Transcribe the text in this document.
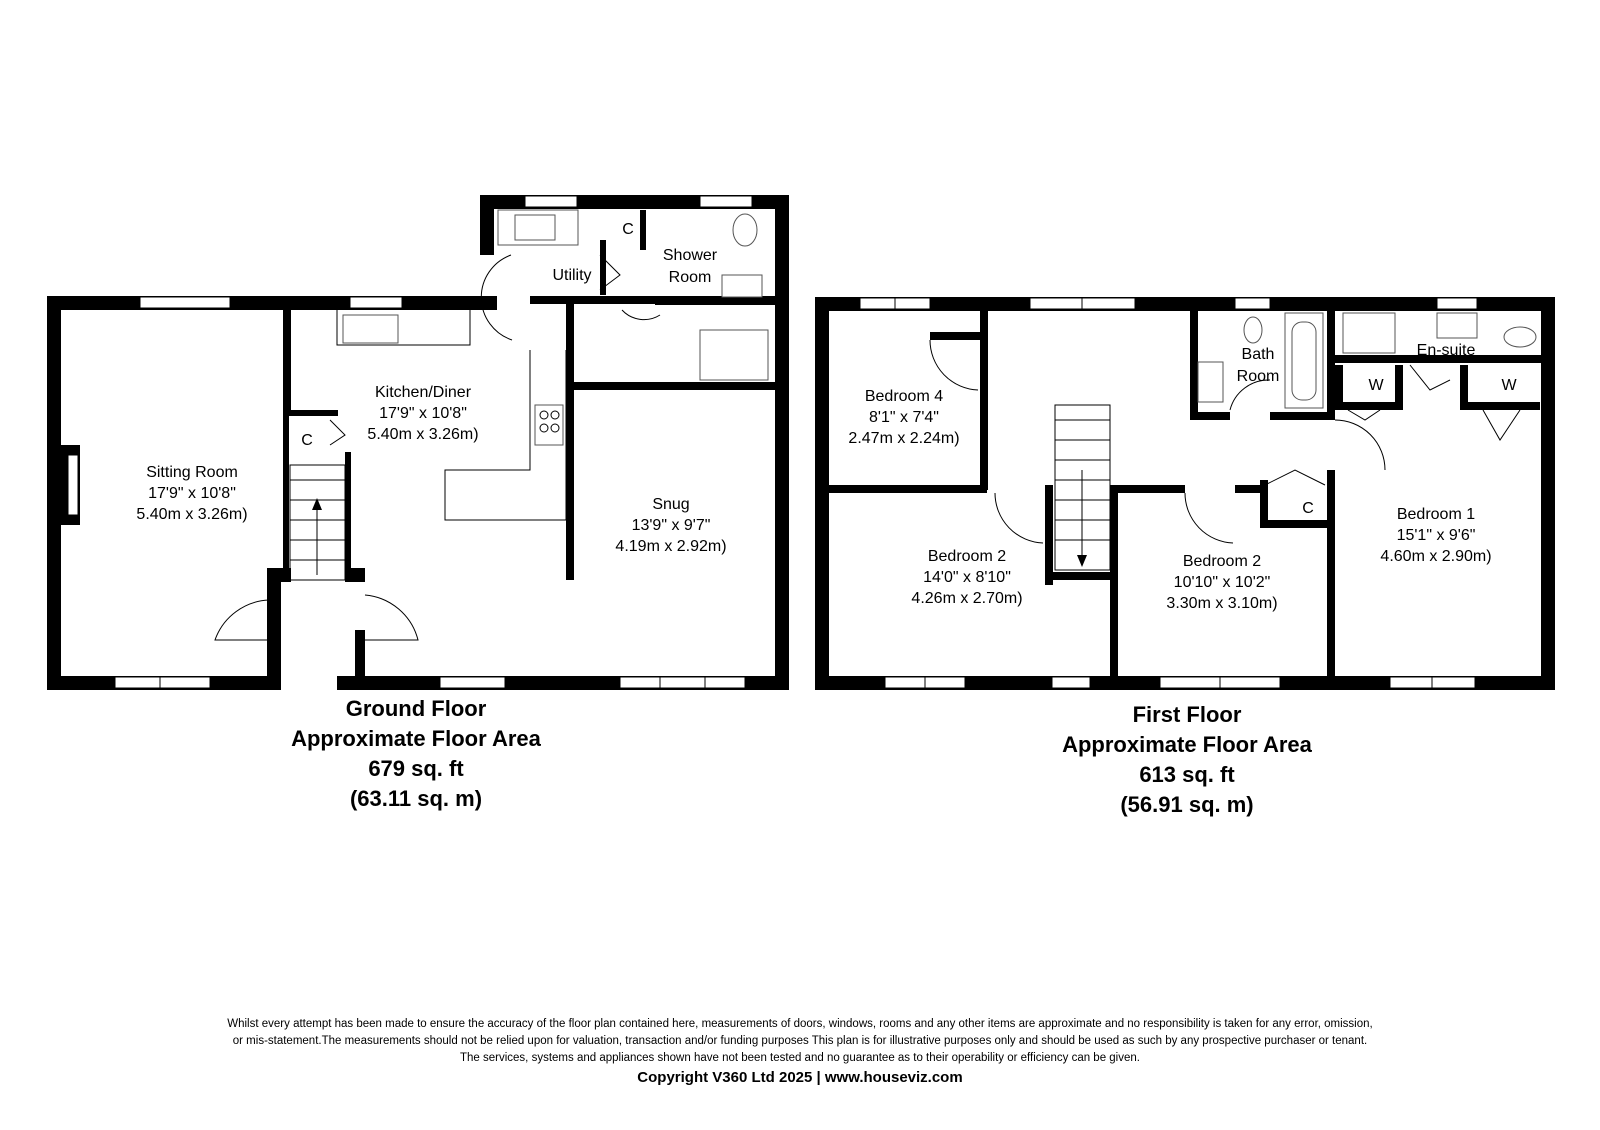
Sitting Room
17'9" x 10'8"
5.40m x 3.26m)
Kitchen/Diner
17'9" x 10'8"
5.40m x 3.26m)
Snug
13'9" x 9'7"
4.19m x 2.92m)
Utility
Shower
Room
C
C
Ground Floor
Approximate Floor Area
679 sq. ft
(63.11 sq. m)
Bedroom 4
8'1" x 7'4"
2.47m x 2.24m)
Bedroom 2
14'0" x 8'10"
4.26m x 2.70m)
Bedroom 2
10'10" x 10'2"
3.30m x 3.10m)
Bedroom 1
15'1" x 9'6"
4.60m x 2.90m)
Bath
Room
En-suite
W	W
C
First Floor
Approximate Floor Area
613 sq. ft
(56.91 sq. m)
Whilst every attempt has been made to ensure the accuracy of the floor plan contained here, measurements of doors, windows, rooms and any other items are approximate and no responsibility is taken for any error, omission,
or mis-statement.The measurements should not be relied upon for valuation, transaction and/or funding purposes This plan is for illustrative purposes only and should be used as such by any prospective purchaser or tenant.
The services, systems and appliances shown have not been tested and no guarantee as to their operability or efficiency can be given.
Copyright V360 Ltd 2025 | www.houseviz.com
